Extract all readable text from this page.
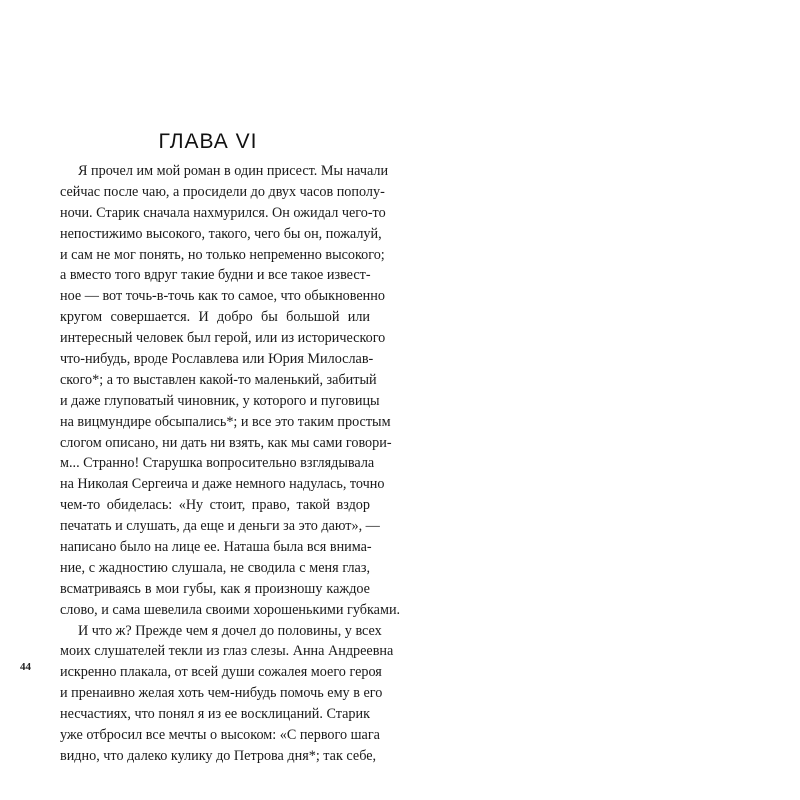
ГЛАВА VI
Я прочел им мой роман в один присест. Мы начали
сейчас после чаю, а просидели до двух часов пополу-
ночи. Старик сначала нахмурился. Он ожидал чего-то
непостижимо высокого, такого, чего бы он, пожалуй,
и сам не мог понять, но только непременно высокого;
а вместо того вдруг такие будни и все такое извест-
ное — вот точь-в-точь как то самое, что обыкновенно
кругом совершается. И добро бы большой или
интересный человек был герой, или из исторического
что-нибудь, вроде Рославлева или Юрия Милослав-
ского*; а то выставлен какой-то маленький, забитый
и даже глуповатый чиновник, у которого и пуговицы
на вицмундире обсыпались*; и все это таким простым
слогом описано, ни дать ни взять, как мы сами говори-
м... Странно! Старушка вопросительно взглядывала
на Николая Сергеича и даже немного надулась, точно
чем-то обиделась: «Ну стоит, право, такой вздор
печатать и слушать, да еще и деньги за это дают», —
написано было на лице ее. Наташа была вся внима-
ние, с жадностию слушала, не сводила с меня глаз,
всматриваясь в мои губы, как я произношу каждое
слово, и сама шевелила своими хорошенькими губками.
И что ж? Прежде чем я дочел до половины, у всех
моих слушателей текли из глаз слезы. Анна Андреевна
искренно плакала, от всей души сожалея моего героя
и пренаивно желая хоть чем-нибудь помочь ему в его
несчастиях, что понял я из ее восклицаний. Старик
уже отбросил все мечты о высоком: «С первого шага
видно, что далеко кулику до Петрова дня*; так себе,
44
